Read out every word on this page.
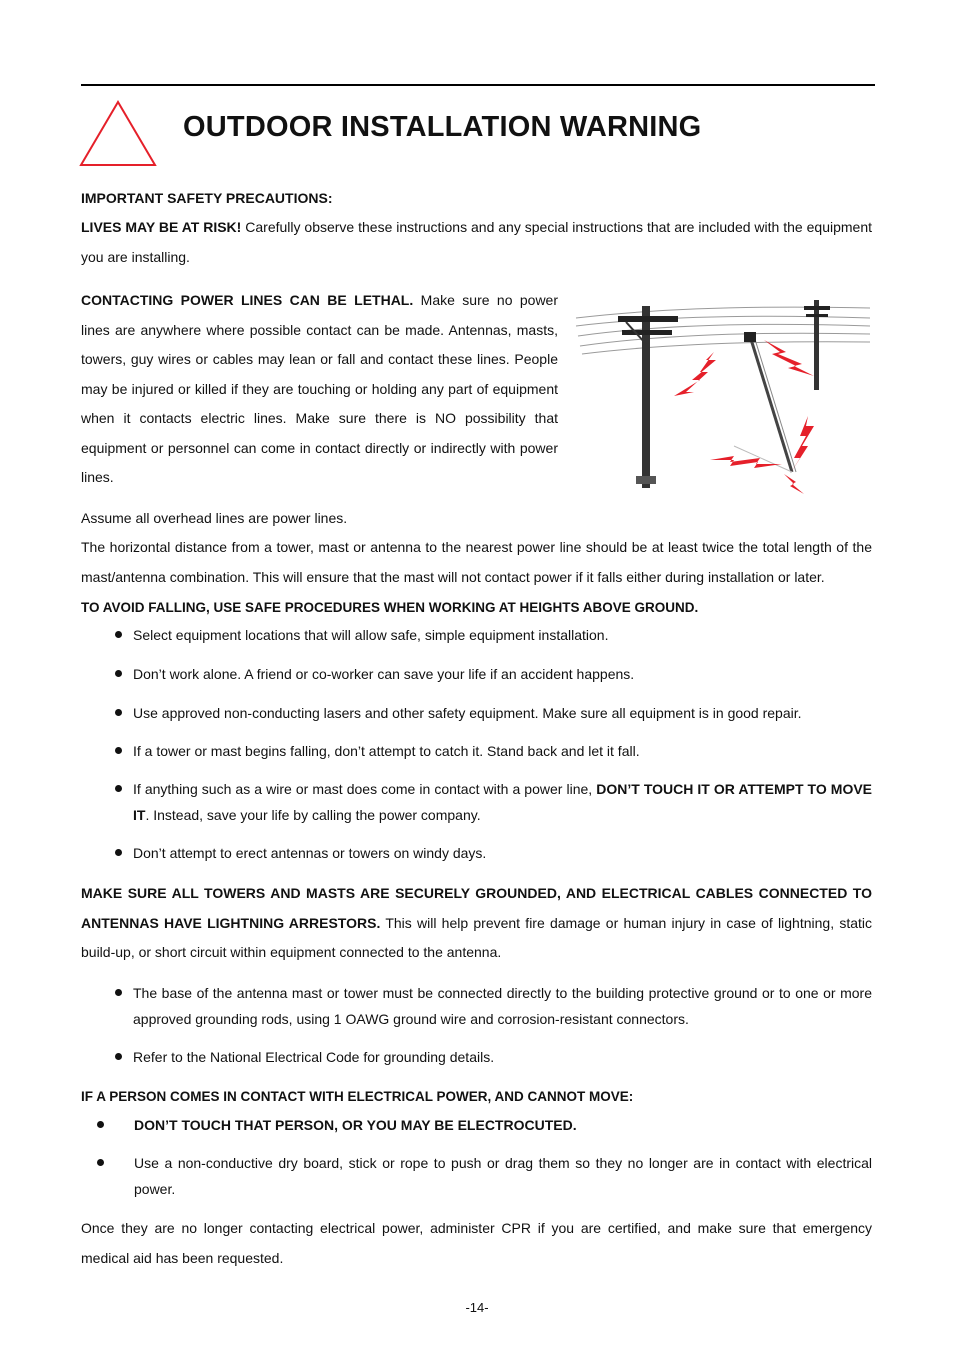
OUTDOOR INSTALLATION WARNING
IMPORTANT SAFETY PRECAUTIONS:
LIVES MAY BE AT RISK! Carefully observe these instructions and any special instructions that are included with the equipment you are installing.
CONTACTING POWER LINES CAN BE LETHAL. Make sure no power lines are anywhere where possible contact can be made. Antennas, masts, towers, guy wires or cables may lean or fall and contact these lines. People may be injured or killed if they are touching or holding any part of equipment when it contacts electric lines. Make sure there is NO possibility that equipment or personnel can come in contact directly or indirectly with power lines.
Assume all overhead lines are power lines.
The horizontal distance from a tower, mast or antenna to the nearest power line should be at least twice the total length of the mast/antenna combination. This will ensure that the mast will not contact power if it falls either during installation or later.
TO AVOID FALLING, USE SAFE PROCEDURES WHEN WORKING AT HEIGHTS ABOVE GROUND.
Select equipment locations that will allow safe, simple equipment installation.
Don’t work alone. A friend or co-worker can save your life if an accident happens.
Use approved non-conducting lasers and other safety equipment. Make sure all equipment is in good repair.
If a tower or mast begins falling, don’t attempt to catch it. Stand back and let it fall.
If anything such as a wire or mast does come in contact with a power line, DON’T TOUCH IT OR ATTEMPT TO MOVE IT. Instead, save your life by calling the power company.
Don’t attempt to erect antennas or towers on windy days.
MAKE SURE ALL TOWERS AND MASTS ARE SECURELY GROUNDED, AND ELECTRICAL CABLES CONNECTED TO ANTENNAS HAVE LIGHTNING ARRESTORS. This will help prevent fire damage or human injury in case of lightning, static build-up, or short circuit within equipment connected to the antenna.
The base of the antenna mast or tower must be connected directly to the building protective ground or to one or more approved grounding rods, using 1 OAWG ground wire and corrosion-resistant connectors.
Refer to the National Electrical Code for grounding details.
IF A PERSON COMES IN CONTACT WITH ELECTRICAL POWER, AND CANNOT MOVE:
DON’T TOUCH THAT PERSON, OR YOU MAY BE ELECTROCUTED.
Use a non-conductive dry board, stick or rope to push or drag them so they no longer are in contact with electrical power.
Once they are no longer contacting electrical power, administer CPR if you are certified, and make sure that emergency medical aid has been requested.
-14-
